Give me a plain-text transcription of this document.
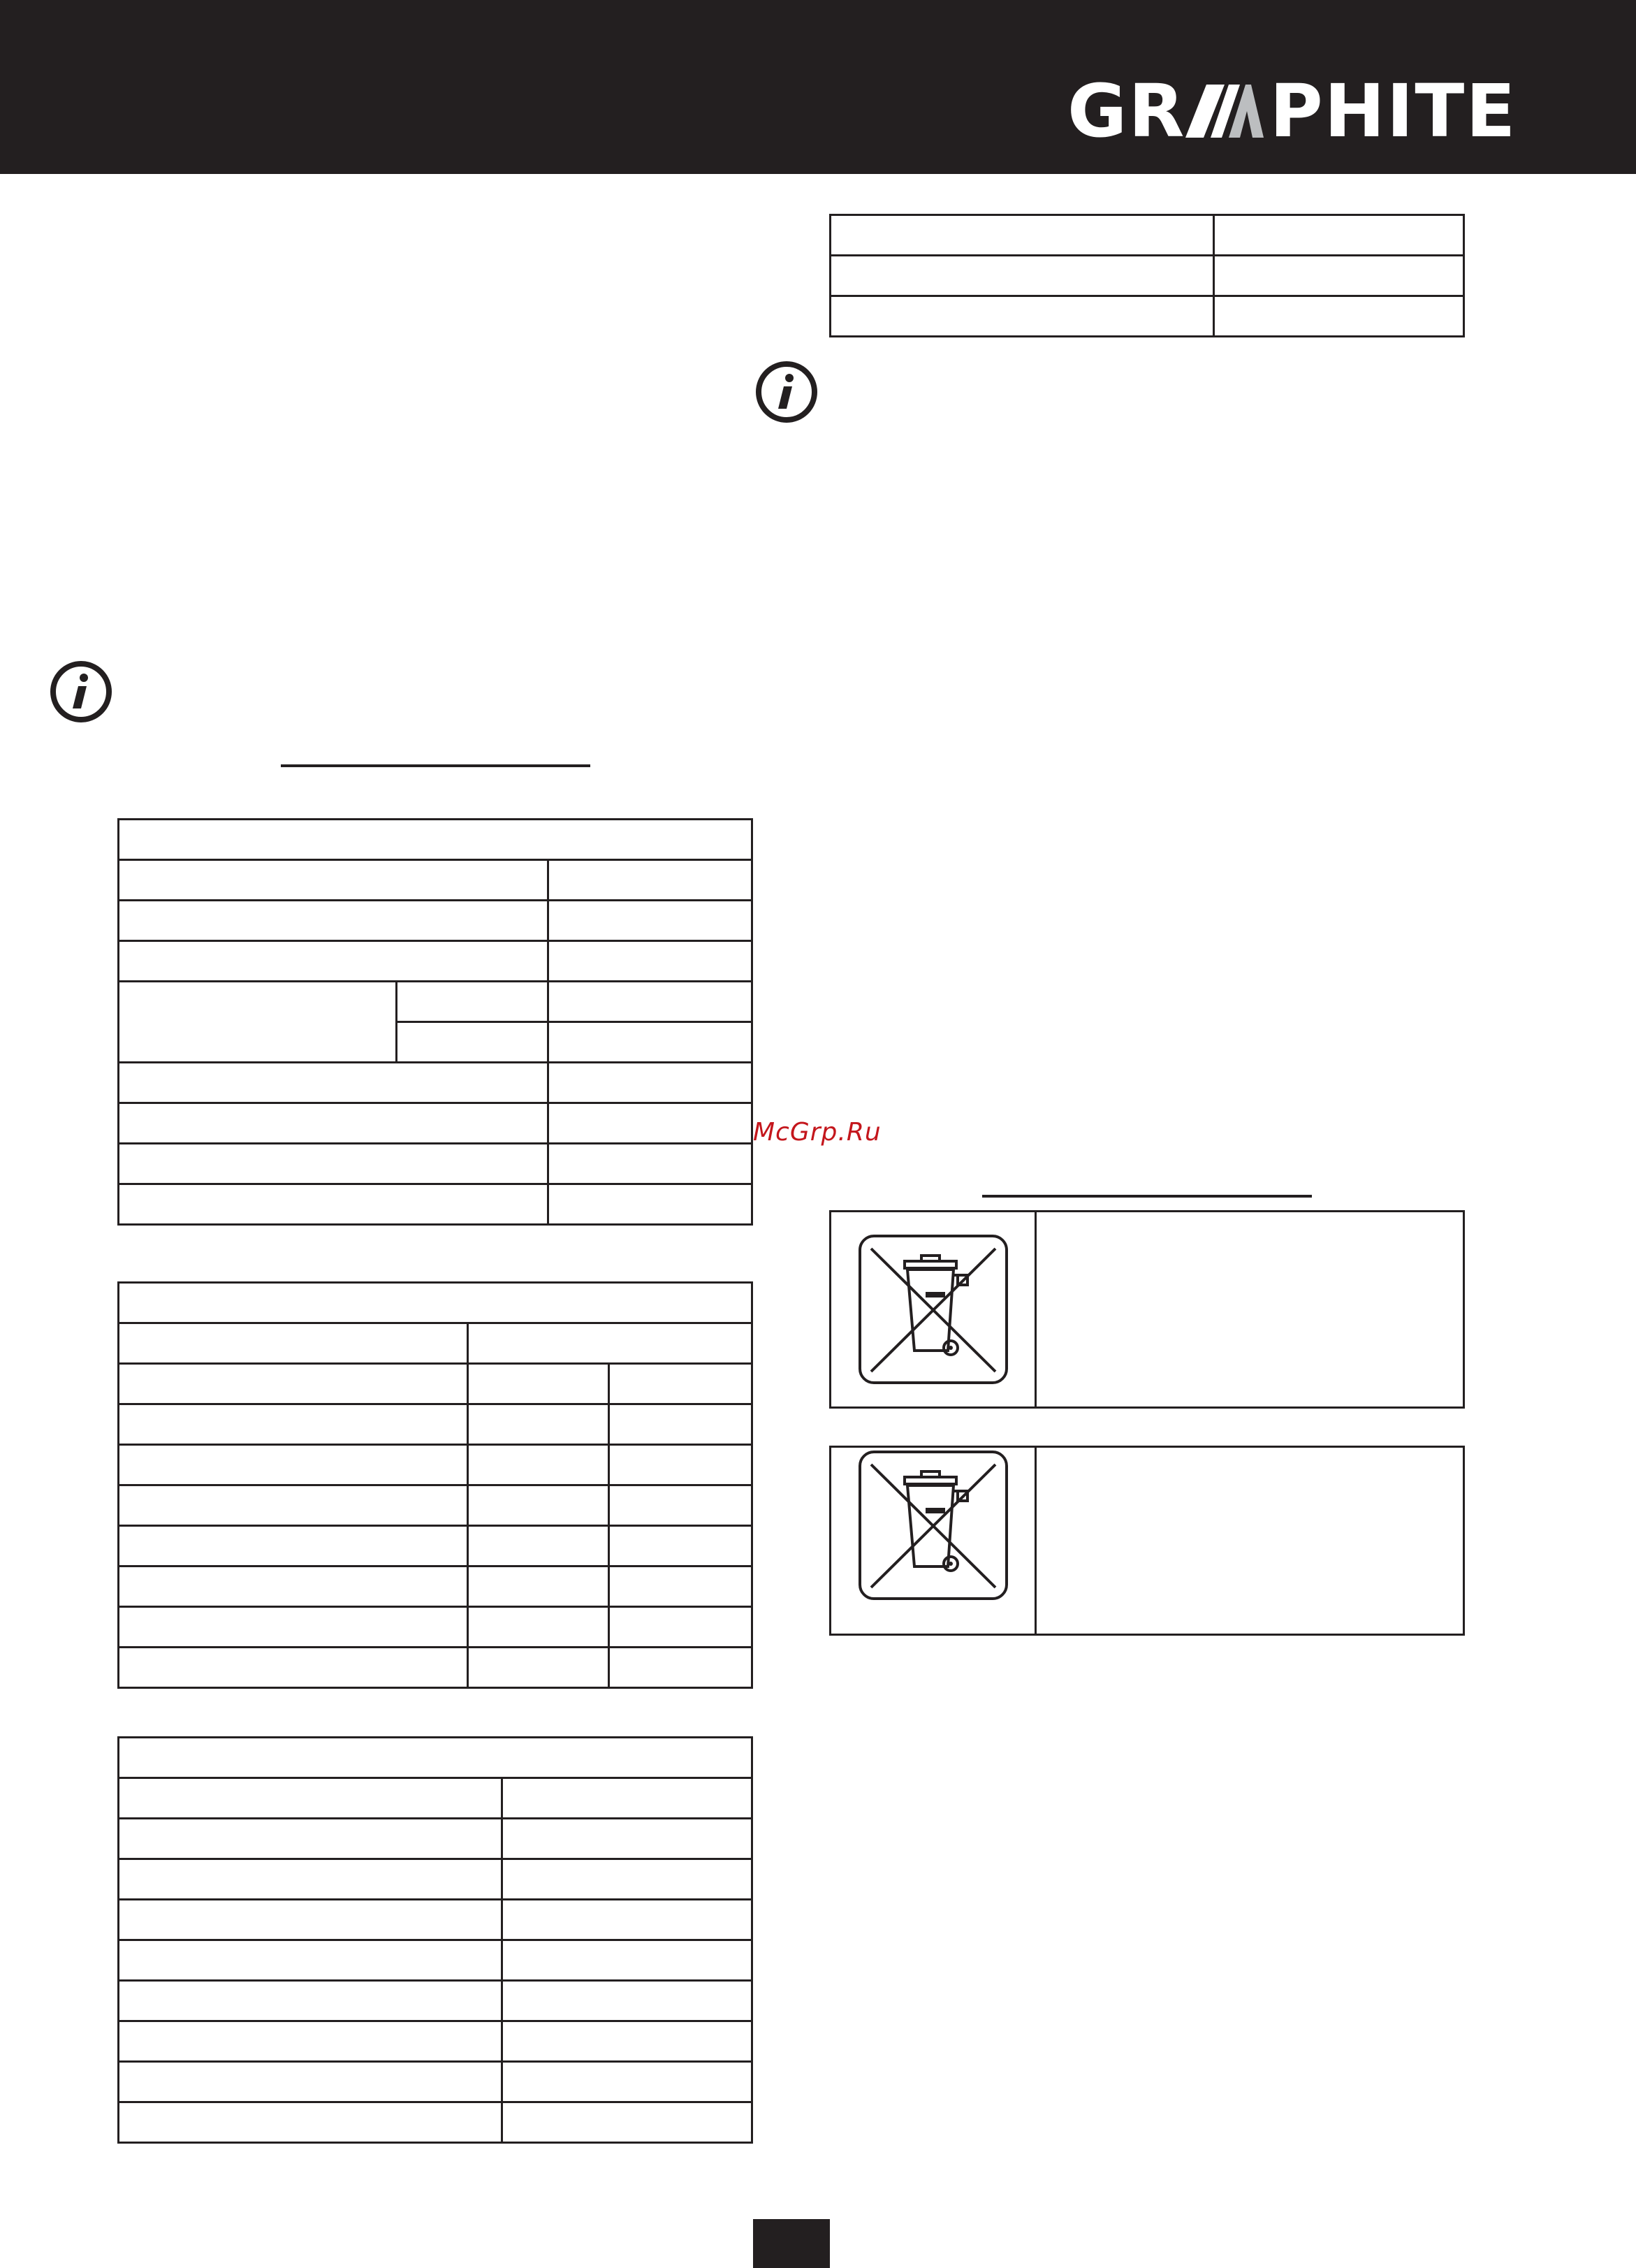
GR PHITE

McGrp.Ru
